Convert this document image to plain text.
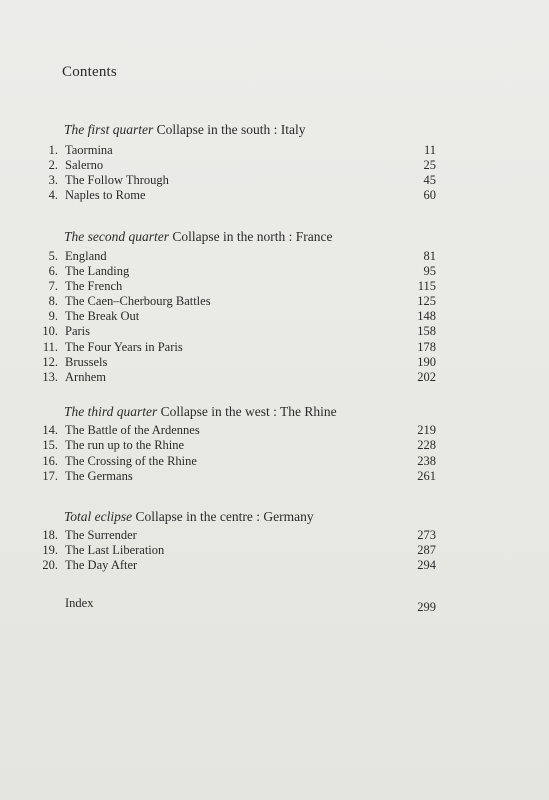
Contents
The first quarter Collapse in the south : Italy
1. Taormina	11
2. Salerno	25
3. The Follow Through	45
4. Naples to Rome	60
The second quarter Collapse in the north : France
5. England	81
6. The Landing	95
7. The French	115
8. The Caen–Cherbourg Battles	125
9. The Break Out	148
10. Paris	158
11. The Four Years in Paris	178
12. Brussels	190
13. Arnhem	202
The third quarter Collapse in the west : The Rhine
14. The Battle of the Ardennes	219
15. The run up to the Rhine	228
16. The Crossing of the Rhine	238
17. The Germans	261
Total eclipse Collapse in the centre : Germany
18. The Surrender	273
19. The Last Liberation	287
20. The Day After	294
Index	299
